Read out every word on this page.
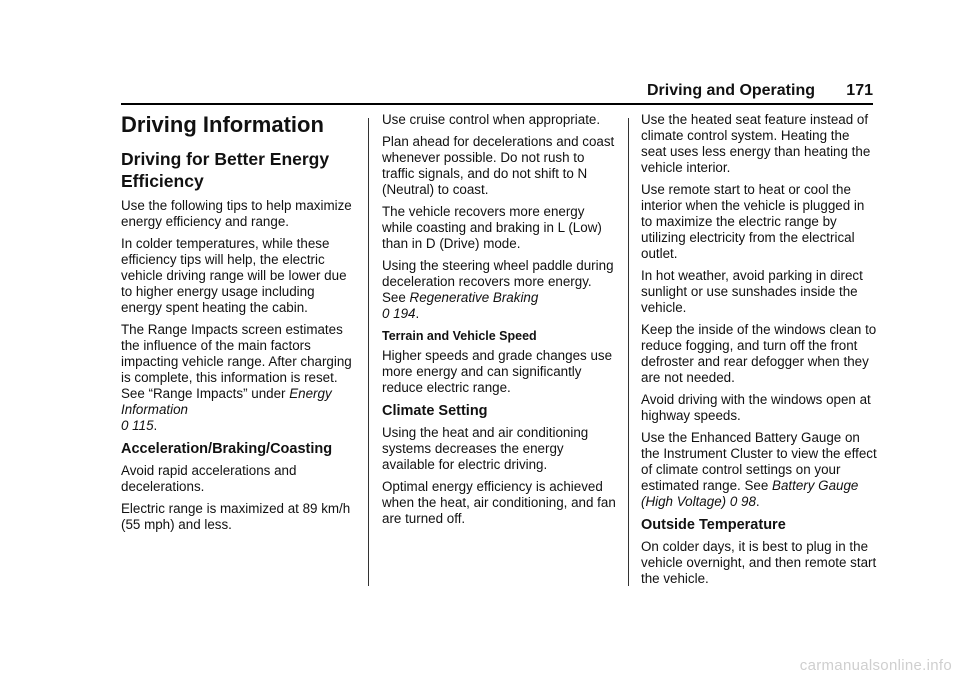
Driving and Operating 171
Driving Information
Driving for Better Energy Efficiency

Use the following tips to help maximize energy efficiency and range.

In colder temperatures, while these efficiency tips will help, the electric vehicle driving range will be lower due to higher energy usage including energy spent heating the cabin.

The Range Impacts screen estimates the influence of the main factors impacting vehicle range. After charging is complete, this information is reset. See “Range Impacts” under Energy Information
0 115.

Acceleration/Braking/Coasting

Avoid rapid accelerations and decelerations.

Electric range is maximized at 89 km/h (55 mph) and less.

Use cruise control when appropriate.

Plan ahead for decelerations and coast whenever possible. Do not rush to traffic signals, and do not shift to N (Neutral) to coast.

The vehicle recovers more energy while coasting and braking in L (Low) than in D (Drive) mode.

Using the steering wheel paddle during deceleration recovers more energy. See Regenerative Braking
0 194.

Terrain and Vehicle Speed

Higher speeds and grade changes use more energy and can significantly reduce electric range.

Climate Setting

Using the heat and air conditioning systems decreases the energy available for electric driving.

Optimal energy efficiency is achieved when the heat, air conditioning, and fan are turned off.

Use the heated seat feature instead of climate control system. Heating the seat uses less energy than heating the vehicle interior.

Use remote start to heat or cool the interior when the vehicle is plugged in to maximize the electric range by utilizing electricity from the electrical outlet.

In hot weather, avoid parking in direct sunlight or use sunshades inside the vehicle.

Keep the inside of the windows clean to reduce fogging, and turn off the front defroster and rear defogger when they are not needed.

Avoid driving with the windows open at highway speeds.

Use the Enhanced Battery Gauge on the Instrument Cluster to view the effect of climate control settings on your estimated range. See Battery Gauge (High Voltage) 0 98.

Outside Temperature

On colder days, it is best to plug in the vehicle overnight, and then remote start the vehicle.

carmanualsonline.info
